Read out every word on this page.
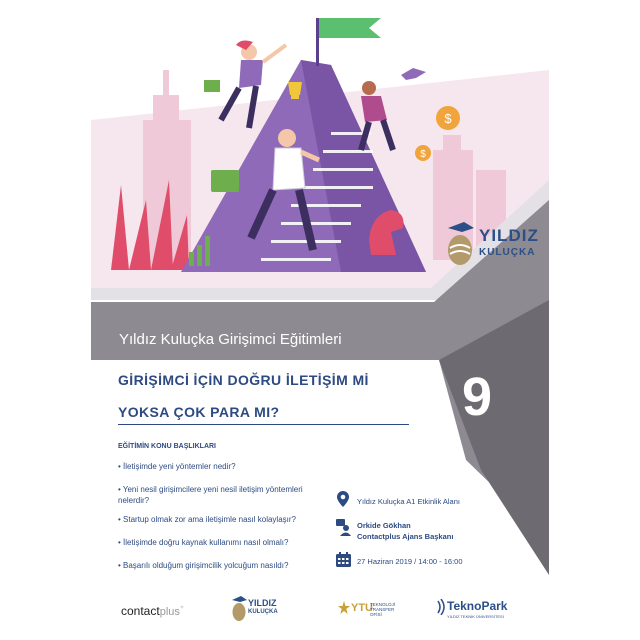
$
$
YILDIZ
KULUÇKA
Yıldız Kuluçka Girişimci Eğitimleri
GİRİŞİMCİ İÇİN DOĞRU İLETİŞİM Mİ
YOKSA ÇOK PARA MI?	9
EĞİTİMİN KONU BAŞLIKLARI
• İletişimde yeni yöntemler nedir?
• Yeni nesil girişimcilere yeni nesil iletişim yöntemleri nelerdir?
• Startup olmak zor ama iletişimle nasıl kolaylaşır?
• İletişimde doğru kaynak kullanımı nasıl olmalı?
• Başarılı olduğum girişimcilik yolcuğum nasıldı?
Yıldız Kuluçka A1 Etkinlik Alanı
Orkide Gökhan
Contactplus Ajans Başkanı
27 Haziran 2019 / 14:00 - 16:00
contactplus⁺
YILDIZ
KULUÇKA	YTU
TEKNOLOJİ
TRANSFER OFİSİ
TeknoPark
YILDIZ TEKNİK ÜNİVERSİTESİ
